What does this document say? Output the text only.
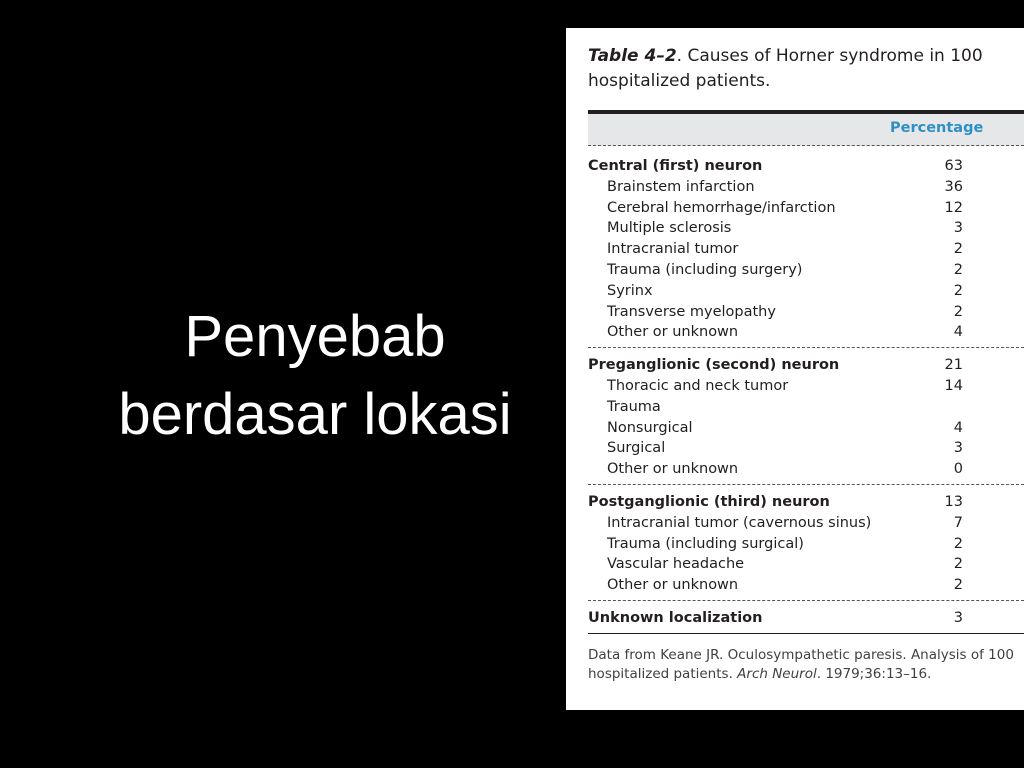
Penyebab
berdasar lokasi
Table 4–2. Causes of Horner syndrome in 100 hospitalized patients.
Percentage
Central (first) neuron	63
Brainstem infarction	36
Cerebral hemorrhage/infarction	12
Multiple sclerosis	3
Intracranial tumor	2
Trauma (including surgery)	2
Syrinx	2
Transverse myelopathy	2
Other or unknown	4
Preganglionic (second) neuron	21
Thoracic and neck tumor	14
Trauma
Nonsurgical	4
Surgical	3
Other or unknown	0
Postganglionic (third) neuron	13
Intracranial tumor (cavernous sinus)	7
Trauma (including surgical)	2
Vascular headache	2
Other or unknown	2
Unknown localization	3
Data from Keane JR. Oculosympathetic paresis. Analysis of 100 hospitalized patients. Arch Neurol. 1979;36:13–16.
